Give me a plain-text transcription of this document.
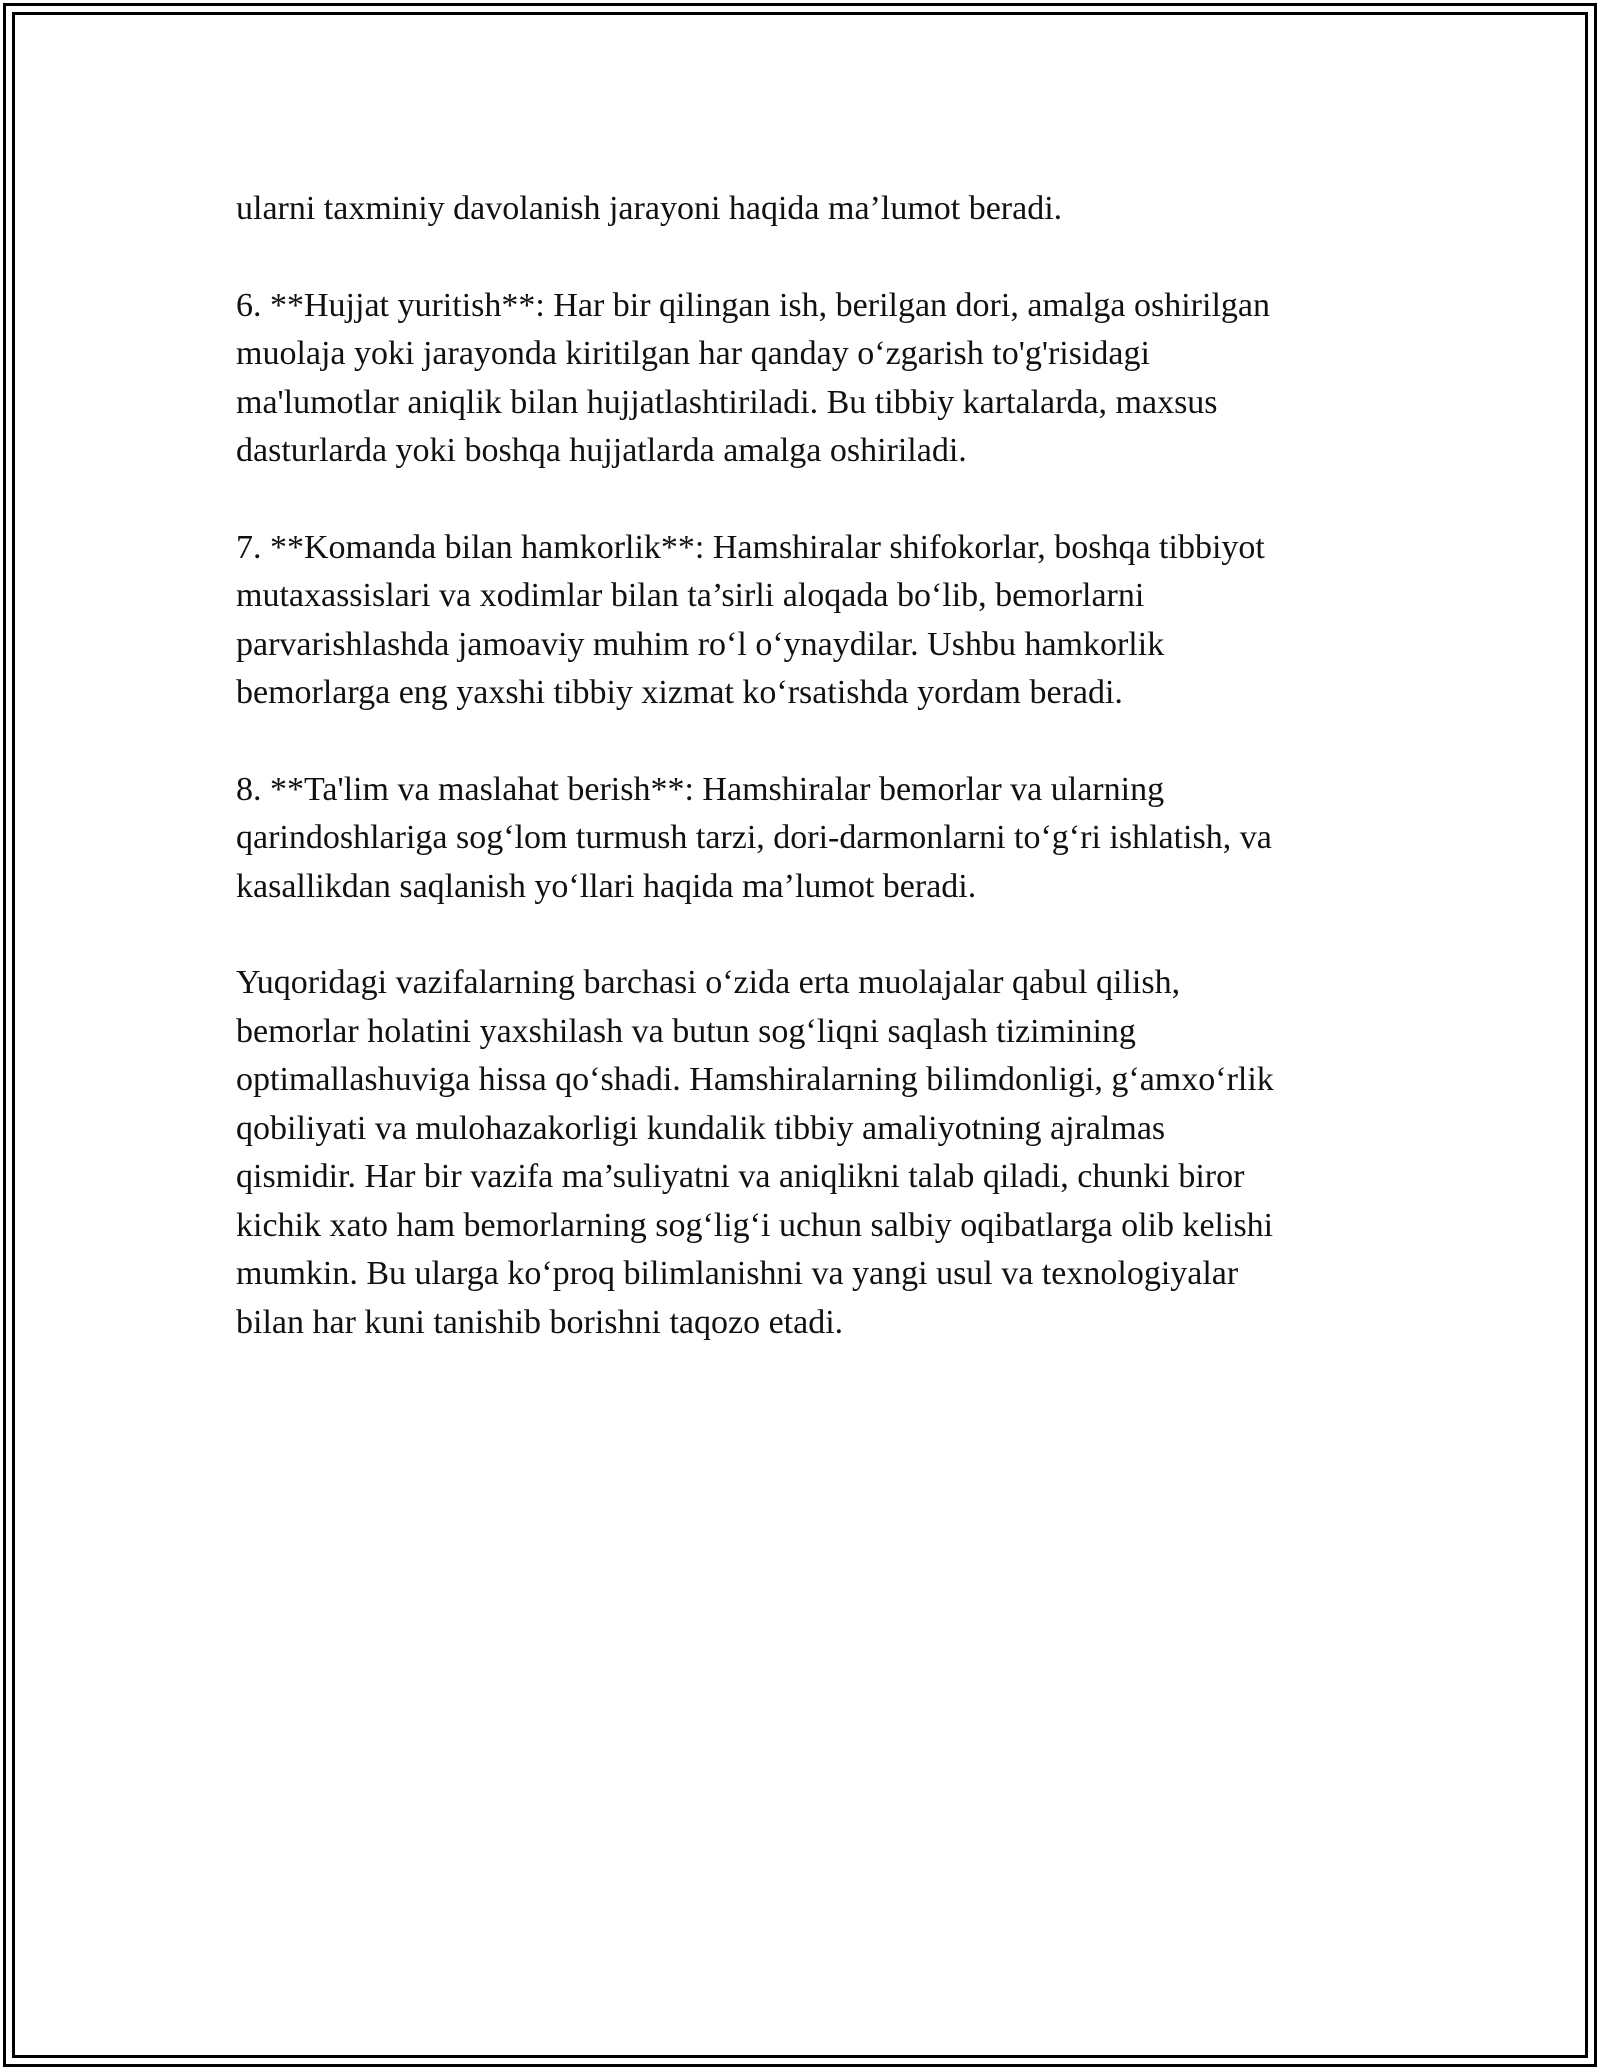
ularni taxminiy davolanish jarayoni haqida ma’lumot beradi.

6. **Hujjat yuritish**: Har bir qilingan ish, berilgan dori, amalga oshirilgan
muolaja yoki jarayonda kiritilgan har qanday o‘zgarish to'g'risidagi
ma'lumotlar aniqlik bilan hujjatlashtiriladi. Bu tibbiy kartalarda, maxsus
dasturlarda yoki boshqa hujjatlarda amalga oshiriladi.

7. **Komanda bilan hamkorlik**: Hamshiralar shifokorlar, boshqa tibbiyot
mutaxassislari va xodimlar bilan ta’sirli aloqada bo‘lib, bemorlarni
parvarishlashda jamoaviy muhim ro‘l o‘ynaydilar. Ushbu hamkorlik
bemorlarga eng yaxshi tibbiy xizmat ko‘rsatishda yordam beradi.

8. **Ta'lim va maslahat berish**: Hamshiralar bemorlar va ularning
qarindoshlariga sog‘lom turmush tarzi, dori-darmonlarni to‘g‘ri ishlatish, va
kasallikdan saqlanish yo‘llari haqida ma’lumot beradi.

Yuqoridagi vazifalarning barchasi o‘zida erta muolajalar qabul qilish,
bemorlar holatini yaxshilash va butun sog‘liqni saqlash tizimining
optimallashuviga hissa qo‘shadi. Hamshiralarning bilimdonligi, g‘amxo‘rlik
qobiliyati va mulohazakorligi kundalik tibbiy amaliyotning ajralmas
qismidir. Har bir vazifa ma’suliyatni va aniqlikni talab qiladi, chunki biror
kichik xato ham bemorlarning sog‘lig‘i uchun salbiy oqibatlarga olib kelishi
mumkin. Bu ularga ko‘proq bilimlanishni va yangi usul va texnologiyalar
bilan har kuni tanishib borishni taqozo etadi.
